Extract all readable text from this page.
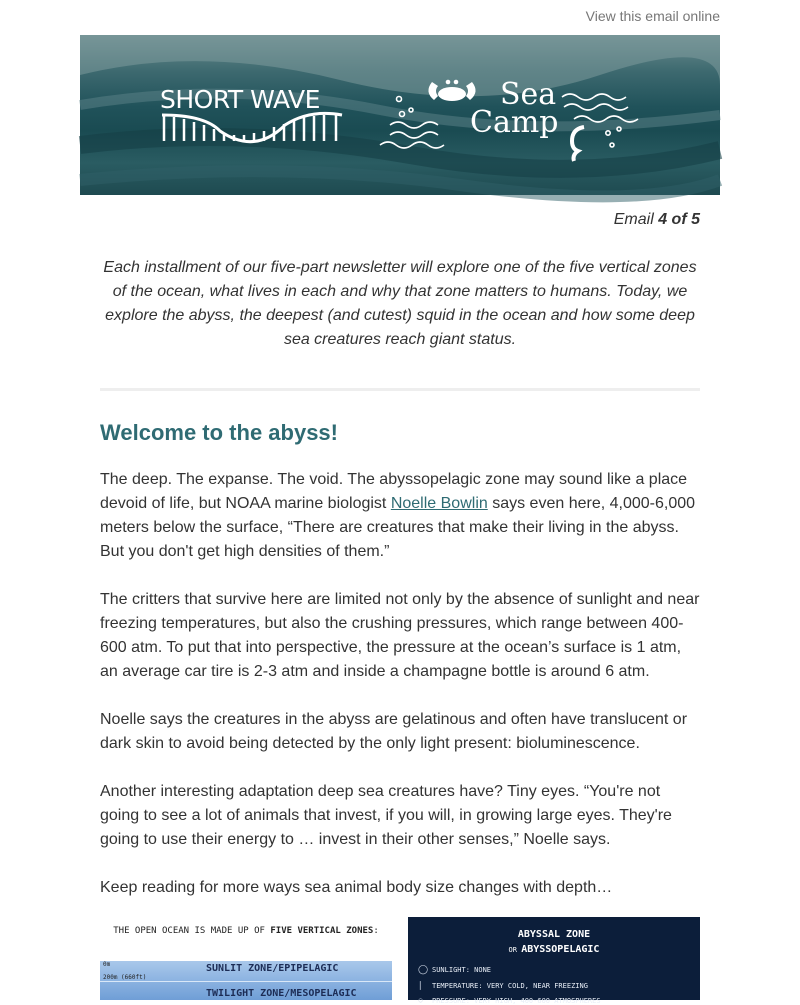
View this email online
SHORT WAVE	Sea
Camp
Email 4 of 5

Each installment of our five-part newsletter will explore one of the five vertical zones of the ocean, what lives in each and why that zone matters to humans. Today, we explore the abyss, the deepest (and cutest) squid in the ocean and how some deep sea creatures reach giant status.

Welcome to the abyss!

The deep. The expanse. The void. The abyssopelagic zone may sound like a place devoid of life, but NOAA marine biologist Noelle Bowlin says even here, 4,000-6,000 meters below the surface, “There are creatures that make their living in the abyss. But you don't get high densities of them.”

The critters that survive here are limited not only by the absence of sunlight and near freezing temperatures, but also the crushing pressures, which range between 400-600 atm. To put that into perspective, the pressure at the ocean’s surface is 1 atm, an average car tire is 2-3 atm and inside a champagne bottle is around 6 atm.

Noelle says the creatures in the abyss are gelatinous and often have translucent or dark skin to avoid being detected by the only light present: bioluminescence.

Another interesting adaptation deep sea creatures have? Tiny eyes. “You're not going to see a lot of animals that invest, if you will, in growing large eyes. They're going to use their energy to … invest in their other senses,” Noelle says.

Keep reading for more ways sea animal body size changes with depth…

THE OPEN OCEAN IS MADE UP OF FIVE VERTICAL ZONES:
0m	SUNLIT ZONE/EPIPELAGIC
200m (660ft)
TWILIGHT ZONE/MESOPELAGIC
ABYSSAL ZONE
OR ABYSSOPELAGIC
◯ SUNLIGHT: NONE
∣ TEMPERATURE: VERY COLD, NEAR FREEZING
○ PRESSURE: VERY HIGH, 400-600 ATMOSPHERES
